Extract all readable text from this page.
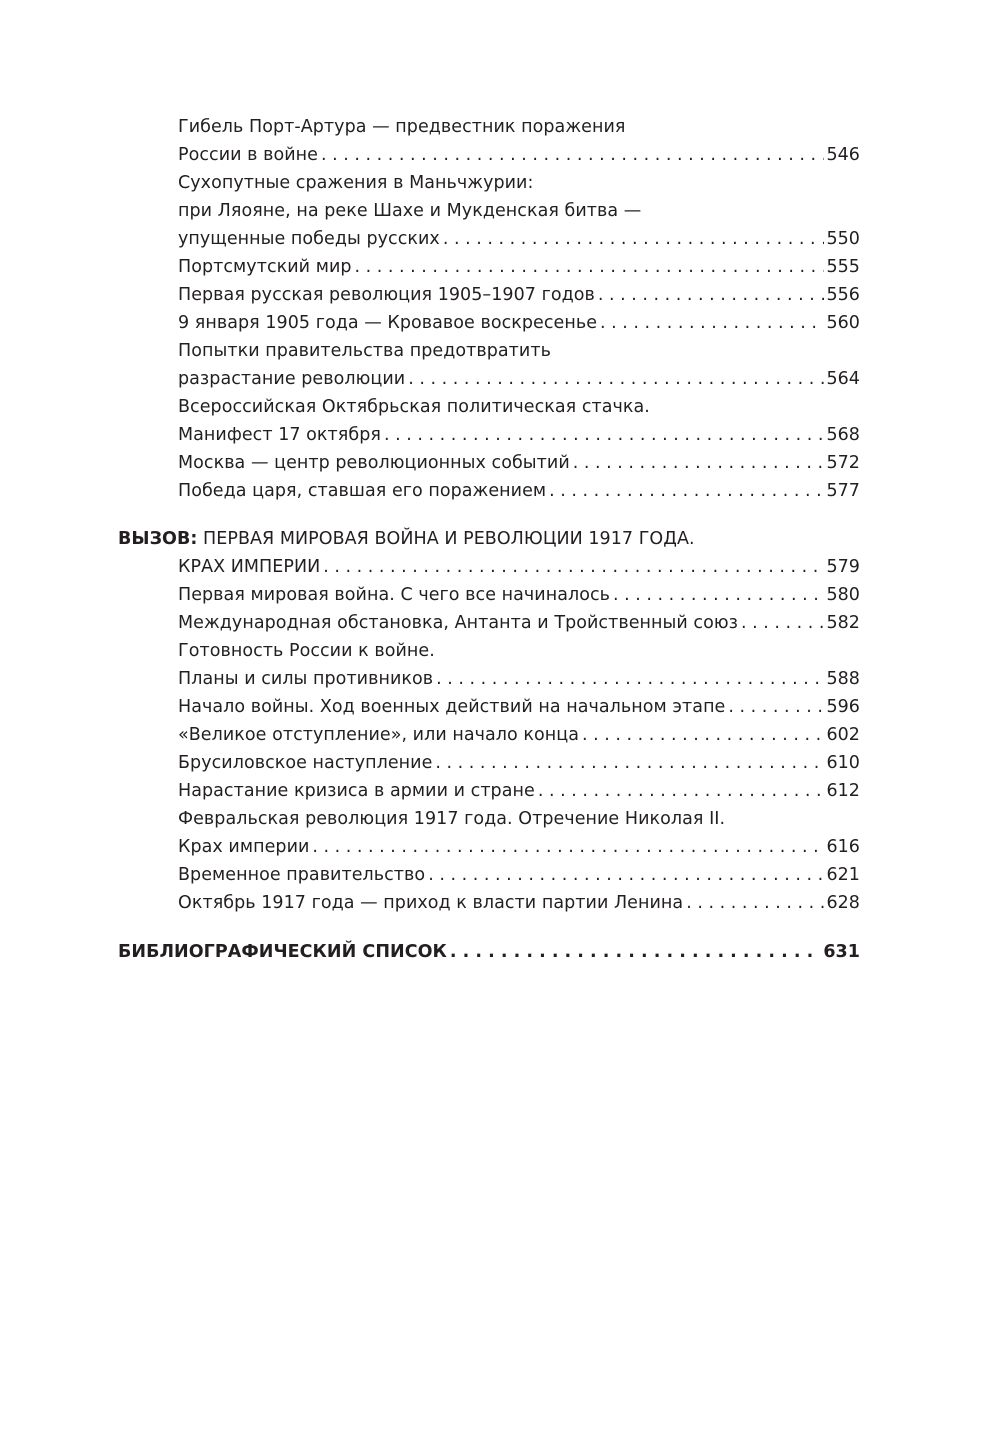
Гибель Порт-Артура — предвестник поражения
России в войне . . .	546
Сухопутные сражения в Маньчжурии:
при Ляояне, на реке Шахе и Мукденская битва —
упущенные победы русских . . .	550
Портсмутский мир . . .	555
Первая русская революция 1905–1907 годов . . .	556
9 января 1905 года — Кровавое воскресенье . . .	560
Попытки правительства предотвратить
разрастание революции . . .	564
Всероссийская Октябрьская политическая стачка.
Манифест 17 октября . . .	568
Москва — центр революционных событий . . .	572
Победа царя, ставшая его поражением . . .	577
ВЫЗОВ: ПЕРВАЯ МИРОВАЯ ВОЙНА И РЕВОЛЮЦИИ 1917 ГОДА.
КРАХ ИМПЕРИИ . . .	579
Первая мировая война. С чего все начиналось . . .	580
Международная обстановка, Антанта и Тройственный союз . . .	582
Готовность России к войне.
Планы и силы противников . . .	588
Начало войны. Ход военных действий на начальном этапе . . .	596
«Великое отступление», или начало конца . . .	602
Брусиловское наступление . . .	610
Нарастание кризиса в армии и стране . . .	612
Февральская революция 1917 года. Отречение Николая II.
Крах империи . . .	616
Временное правительство . . .	621
Октябрь 1917 года — приход к власти партии Ленина . . .	628
БИБЛИОГРАФИЧЕСКИЙ СПИСОК . . .	631
